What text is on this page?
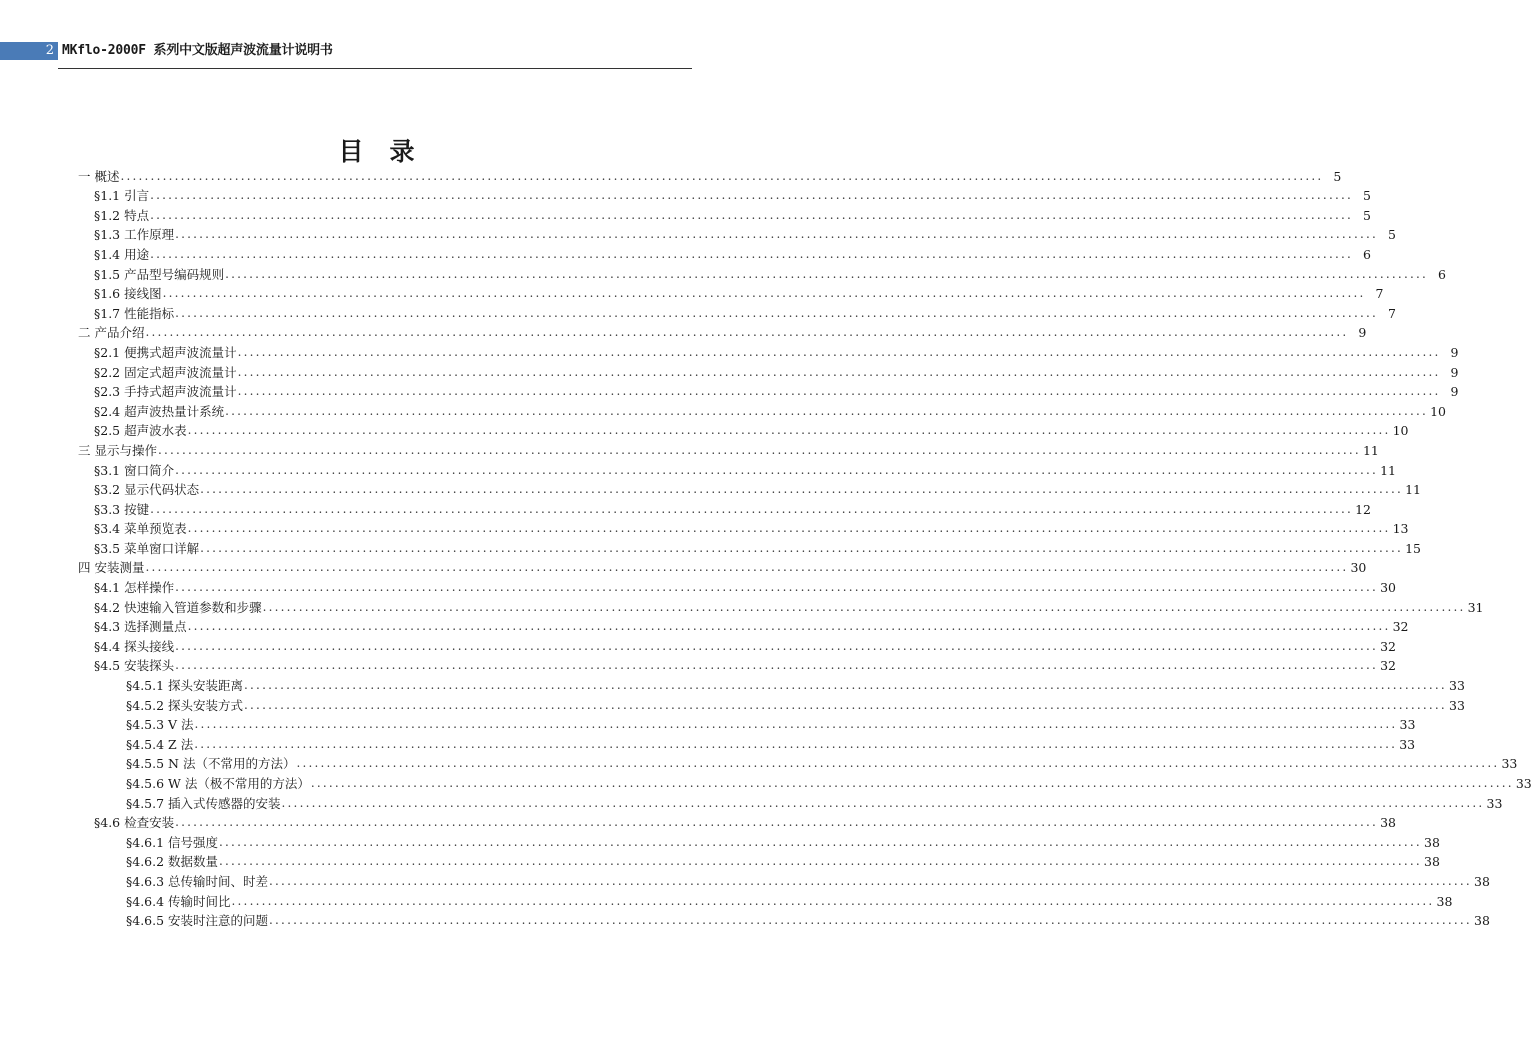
2 MKflo-2000F 系列中文版超声波流量计说明书
目录
一 概述 ........................................................................................................................................................................................................ 5
§1.1 引言 ........................................................................................................................................................................................................ 5
§1.2 特点 ........................................................................................................................................................................................................ 5
§1.3 工作原理 ........................................................................................................................................................................................................ 5
§1.4 用途 ........................................................................................................................................................................................................ 6
§1.5 产品型号编码规则 ........................................................................................................................................................................................................ 6
§1.6 接线图 ........................................................................................................................................................................................................ 7
§1.7 性能指标 ........................................................................................................................................................................................................ 7
二 产品介绍 ........................................................................................................................................................................................................ 9
§2.1 便携式超声波流量计 ........................................................................................................................................................................................................ 9
§2.2 固定式超声波流量计 ........................................................................................................................................................................................................ 9
§2.3 手持式超声波流量计 ........................................................................................................................................................................................................ 9
§2.4 超声波热量计系统 ........................................................................................................................................................................................................ 10
§2.5 超声波水表 ........................................................................................................................................................................................................ 10
三 显示与操作 ........................................................................................................................................................................................................ 11
§3.1 窗口简介 ........................................................................................................................................................................................................ 11
§3.2 显示代码状态 ........................................................................................................................................................................................................ 11
§3.3 按键 ........................................................................................................................................................................................................ 12
§3.4 菜单预览表 ........................................................................................................................................................................................................ 13
§3.5 菜单窗口详解 ........................................................................................................................................................................................................ 15
四 安装测量 ........................................................................................................................................................................................................ 30
§4.1 怎样操作 ........................................................................................................................................................................................................ 30
§4.2 快速输入管道参数和步骤 ........................................................................................................................................................................................................ 31
§4.3 选择测量点 ........................................................................................................................................................................................................ 32
§4.4 探头接线 ........................................................................................................................................................................................................ 32
§4.5 安装探头 ........................................................................................................................................................................................................ 32
§4.5.1 探头安装距离 ........................................................................................................................................................................................................ 33
§4.5.2 探头安装方式 ........................................................................................................................................................................................................ 33
§4.5.3 V 法 ........................................................................................................................................................................................................ 33
§4.5.4 Z 法 ........................................................................................................................................................................................................ 33
§4.5.5 N 法（不常用的方法） ........................................................................................................................................................................................................ 33
§4.5.6 W 法（极不常用的方法） ........................................................................................................................................................................................................ 33
§4.5.7 插入式传感器的安装 ........................................................................................................................................................................................................ 33
§4.6 检查安装 ........................................................................................................................................................................................................ 38
§4.6.1 信号强度 ........................................................................................................................................................................................................ 38
§4.6.2 数据数量 ........................................................................................................................................................................................................ 38
§4.6.3 总传输时间、时差 ........................................................................................................................................................................................................ 38
§4.6.4 传输时间比 ........................................................................................................................................................................................................ 38
§4.6.5 安装时注意的问题 ........................................................................................................................................................................................................ 38
